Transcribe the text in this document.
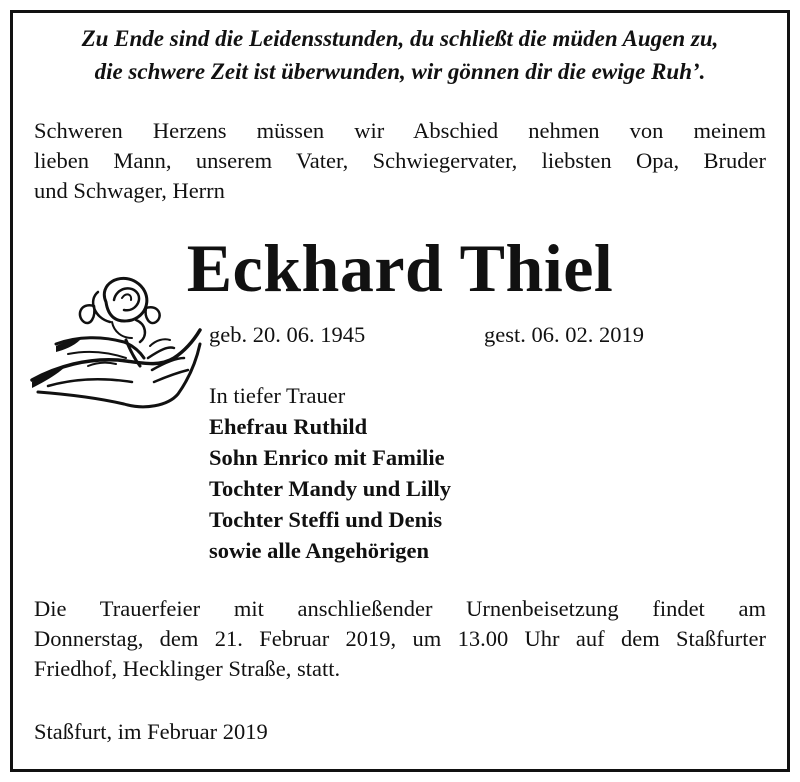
Zu Ende sind die Leidensstunden, du schließt die müden Augen zu,
die schwere Zeit ist überwunden, wir gönnen dir die ewige Ruh’.
Schweren Herzens müssen wir Abschied nehmen von meinem
lieben Mann, unserem Vater, Schwiegervater, liebsten Opa, Bruder
und Schwager, Herrn
Eckhard Thiel
geb. 20. 06. 1945	gest. 06. 02. 2019
In tiefer Trauer
Ehefrau Ruthild
Sohn Enrico mit Familie
Tochter Mandy und Lilly
Tochter Steffi und Denis
sowie alle Angehörigen
Die Trauerfeier mit anschließender Urnenbeisetzung findet am
Donnerstag, dem 21. Februar 2019, um 13.00 Uhr auf dem Staßfurter
Friedhof, Hecklinger Straße, statt.
Staßfurt, im Februar 2019
